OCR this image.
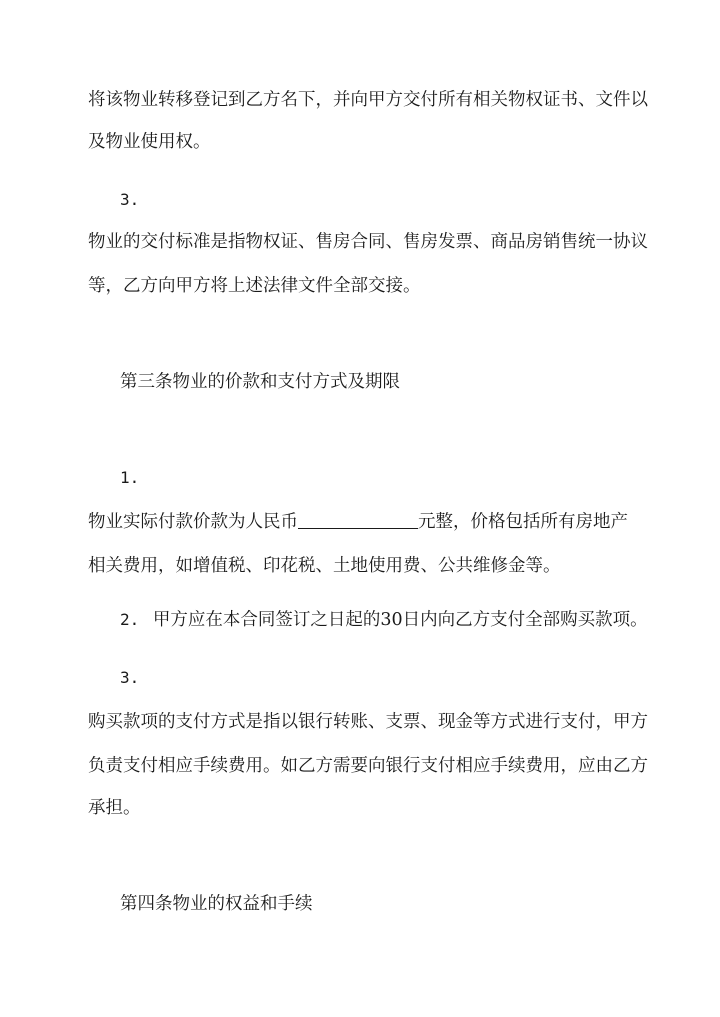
将该物业转移登记到乙方名下，并向甲方交付所有相关物权证书、文件以
及物业使用权。
3.
物业的交付标准是指物权证、售房合同、售房发票、商品房销售统一协议
等，乙方向甲方将上述法律文件全部交接。
第三条物业的价款和支付方式及期限
1.
物业实际付款价款为人民币	元整，价格包括所有房地产
相关费用，如增值税、印花税、土地使用费、公共维修金等。
2. 甲方应在本合同签订之日起的30日内向乙方支付全部购买款项。
3.
购买款项的支付方式是指以银行转账、支票、现金等方式进行支付，甲方
负责支付相应手续费用。如乙方需要向银行支付相应手续费用，应由乙方
承担。
第四条物业的权益和手续
